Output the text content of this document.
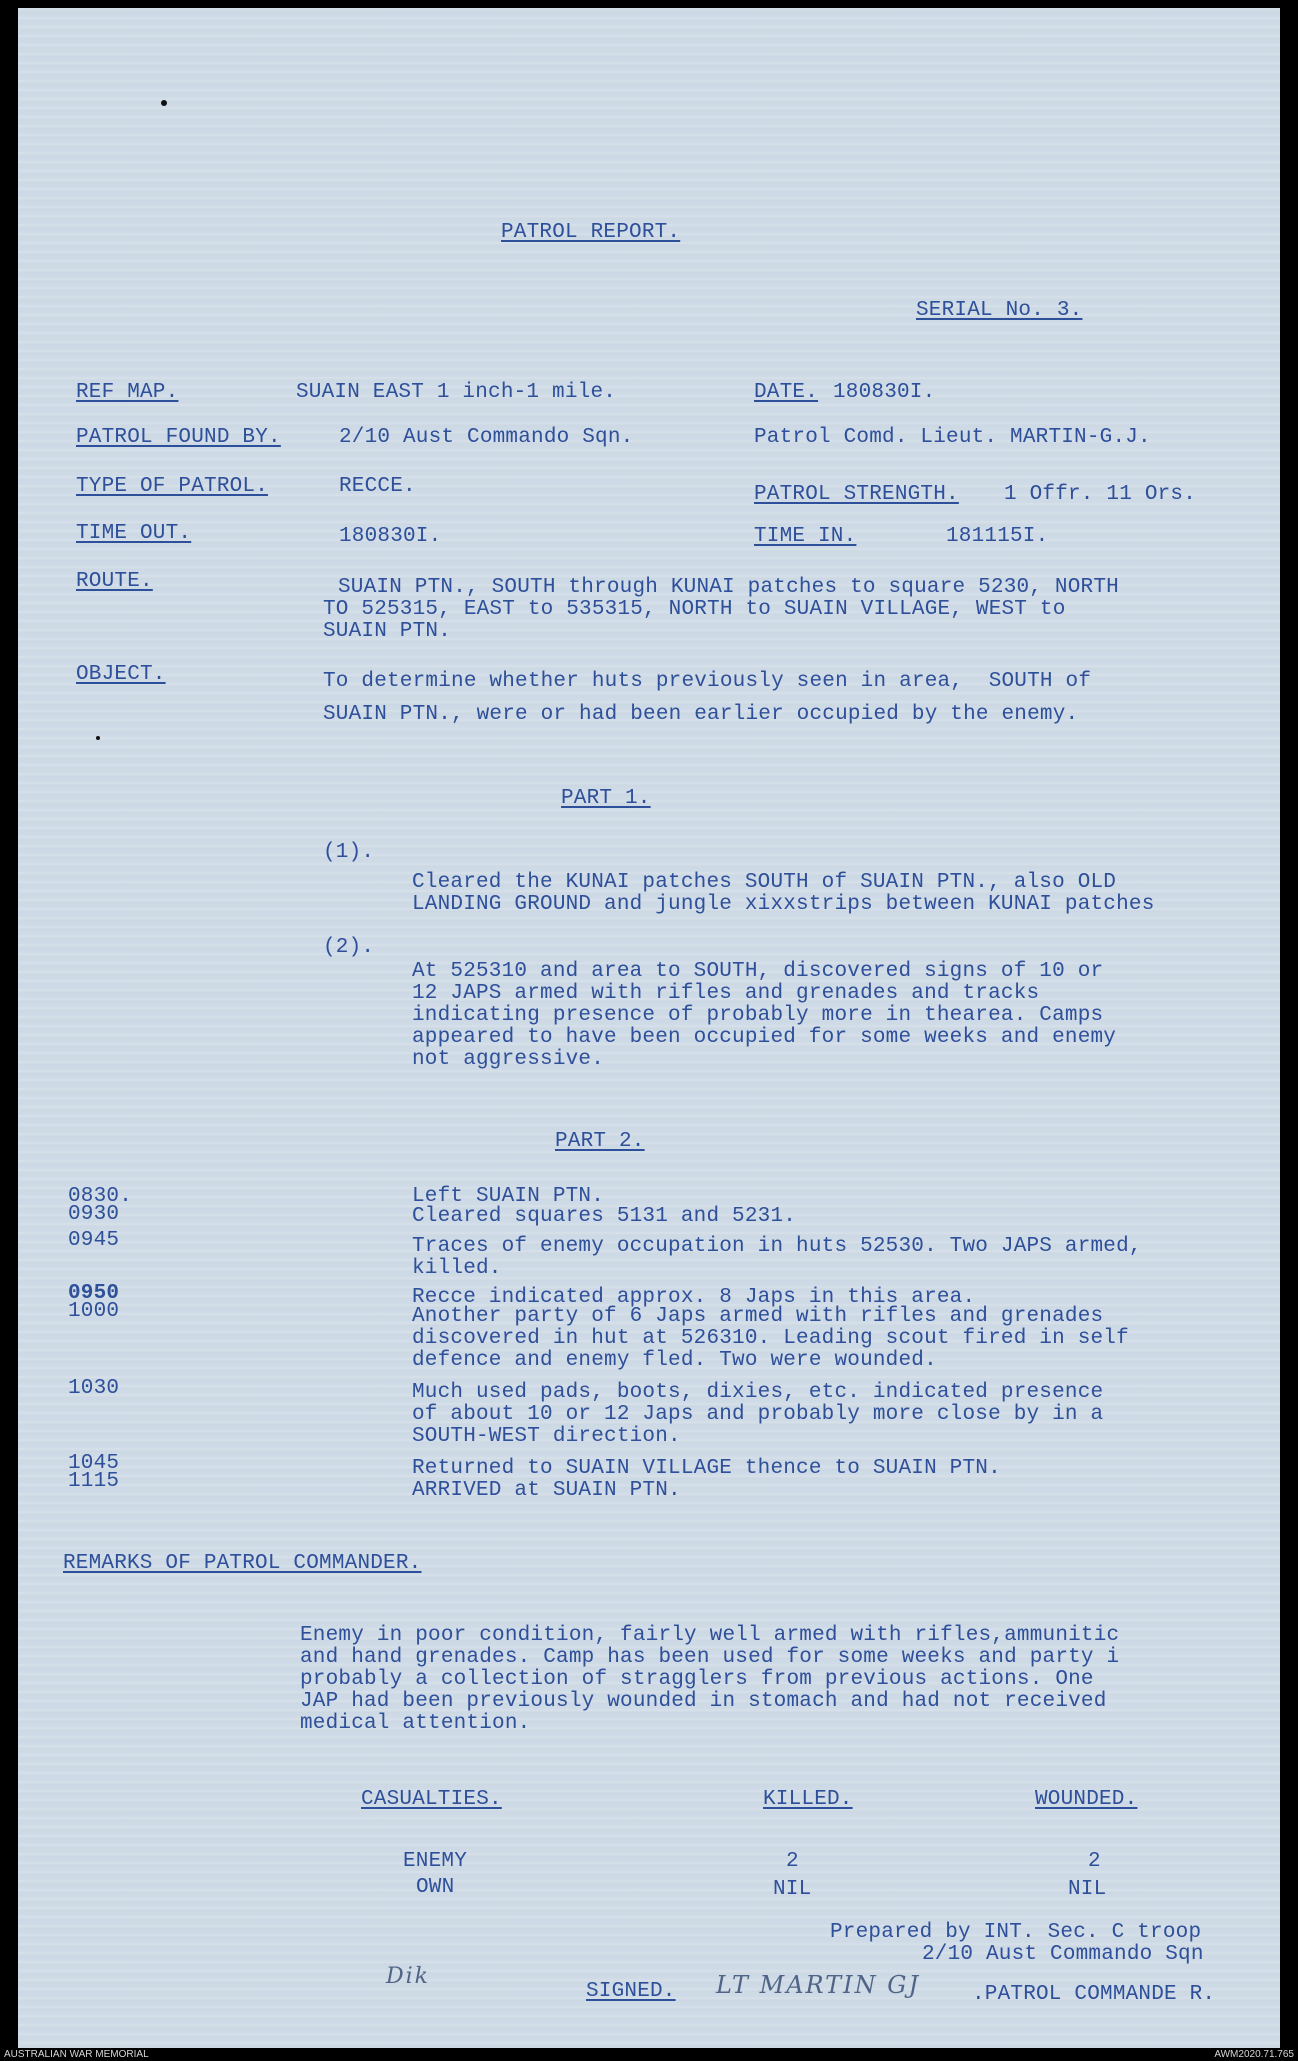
PATROL REPORT.
SERIAL No. 3.
REF MAP.	SUAIN EAST 1 inch-1 mile.	DATE. 180830I.
PATROL FOUND BY.	2/10 Aust Commando Sqn.	Patrol Comd. Lieut. MARTIN-G.J.
TYPE OF PATROL.	RECCE.	PATROL STRENGTH. 1 Offr. 11 Ors.
TIME OUT.	180830I.	TIME IN.	181115I.
ROUTE.	SUAIN PTN., SOUTH through KUNAI patches to square 5230, NORTH
TO 525315, EAST to 535315, NORTH to SUAIN VILLAGE, WEST to
SUAIN PTN.
OBJECT.	To determine whether huts previously seen in area,  SOUTH of
SUAIN PTN., were or had been earlier occupied by the enemy.
PART 1.
(1).
Cleared the KUNAI patches SOUTH of SUAIN PTN., also OLD
LANDING GROUND and jungle xixxstrips between KUNAI patches
(2).
At 525310 and area to SOUTH, discovered signs of 10 or
12 JAPS armed with rifles and grenades and tracks
indicating presence of probably more in thearea. Camps
appeared to have been occupied for some weeks and enemy
not aggressive.
PART 2.
0830.	Left SUAIN PTN.
0930	Cleared squares 5131 and 5231.
0945	Traces of enemy occupation in huts 52530. Two JAPS armed,
killed.
0950	Recce indicated approx. 8 Japs in this area.
1000	Another party of 6 Japs armed with rifles and grenades
discovered in hut at 526310. Leading scout fired in self
defence and enemy fled. Two were wounded.
1030	Much used pads, boots, dixies, etc. indicated presence
of about 10 or 12 Japs and probably more close by in a
SOUTH-WEST direction.
1045	Returned to SUAIN VILLAGE thence to SUAIN PTN.
1115	ARRIVED at SUAIN PTN.
REMARKS OF PATROL COMMANDER.
Enemy in poor condition, fairly well armed with rifles,ammunitic
and hand grenades. Camp has been used for some weeks and party i
probably a collection of stragglers from previous actions. One
JAP had been previously wounded in stomach and had not received
medical attention.
CASUALTIES.	KILLED.	WOUNDED.
ENEMY	2	2
OWN	NIL	NIL
Prepared by INT. Sec. C troop
2/10 Aust Commando Sqn
Dik
SIGNED. LT MARTIN GJ .PATROL COMMANDE R.
AUSTRALIAN WAR MEMORIAL	AWM2020.71.765
